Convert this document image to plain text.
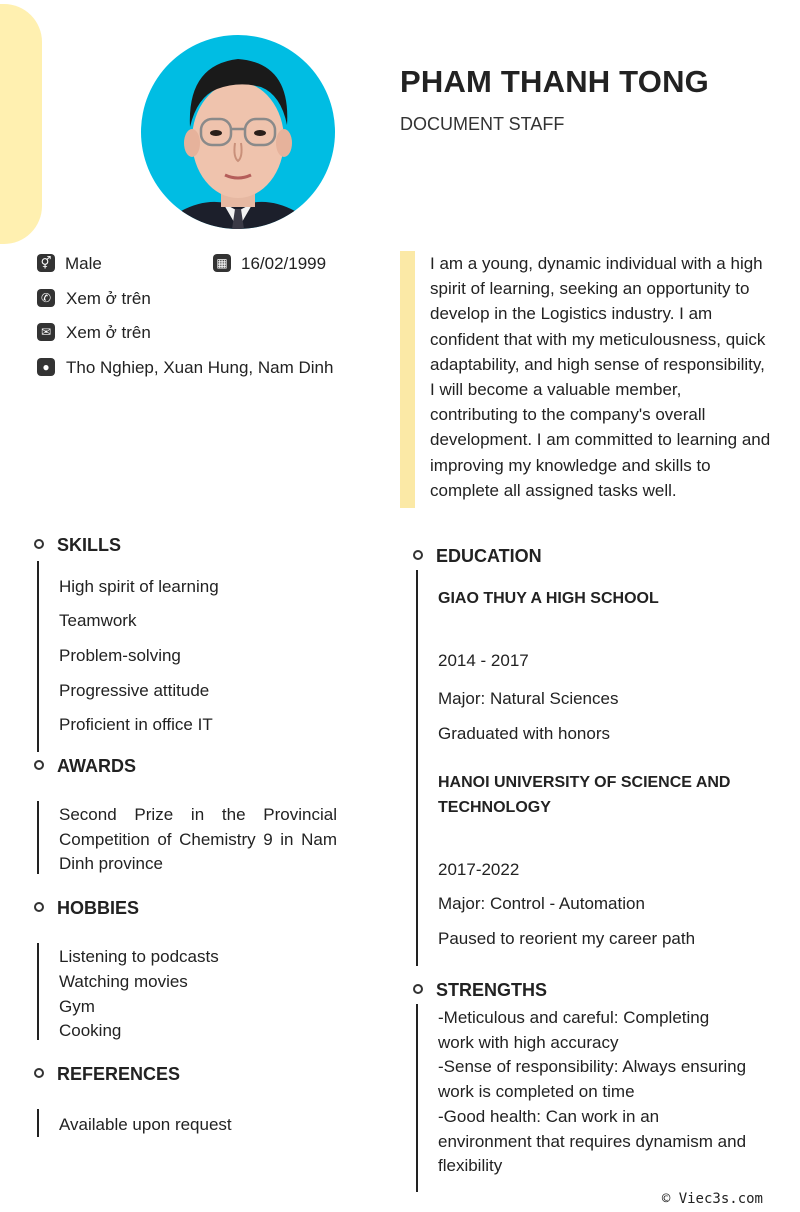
PHAM THANH TONG
DOCUMENT STAFF
⚥ Male	▦ 16/02/1999
✆ Xem ở trên
✉ Xem ở trên
● Tho Nghiep, Xuan Hung, Nam Dinh
I am a young, dynamic individual with a high
spirit of learning, seeking an opportunity to
develop in the Logistics industry. I am
confident that with my meticulousness, quick
adaptability, and high sense of responsibility,
I will become a valuable member,
contributing to the company's overall
development. I am committed to learning and
improving my knowledge and skills to
complete all assigned tasks well.
SKILLS
High spirit of learning
Teamwork
Problem-solving
Progressive attitude
Proficient in office IT
AWARDS
Second Prize in the Provincial
Competition of Chemistry 9 in Nam
Dinh province
HOBBIES
Listening to podcasts
Watching movies
Gym
Cooking
REFERENCES
Available upon request
EDUCATION
GIAO THUY A HIGH SCHOOL
2014 - 2017
Major: Natural Sciences
Graduated with honors
HANOI UNIVERSITY OF SCIENCE AND
TECHNOLOGY
2017-2022
Major: Control - Automation
Paused to reorient my career path
STRENGTHS
-Meticulous and careful: Completing
work with high accuracy
-Sense of responsibility: Always ensuring
work is completed on time
-Good health: Can work in an
environment that requires dynamism and
flexibility
© Viec3s.com
